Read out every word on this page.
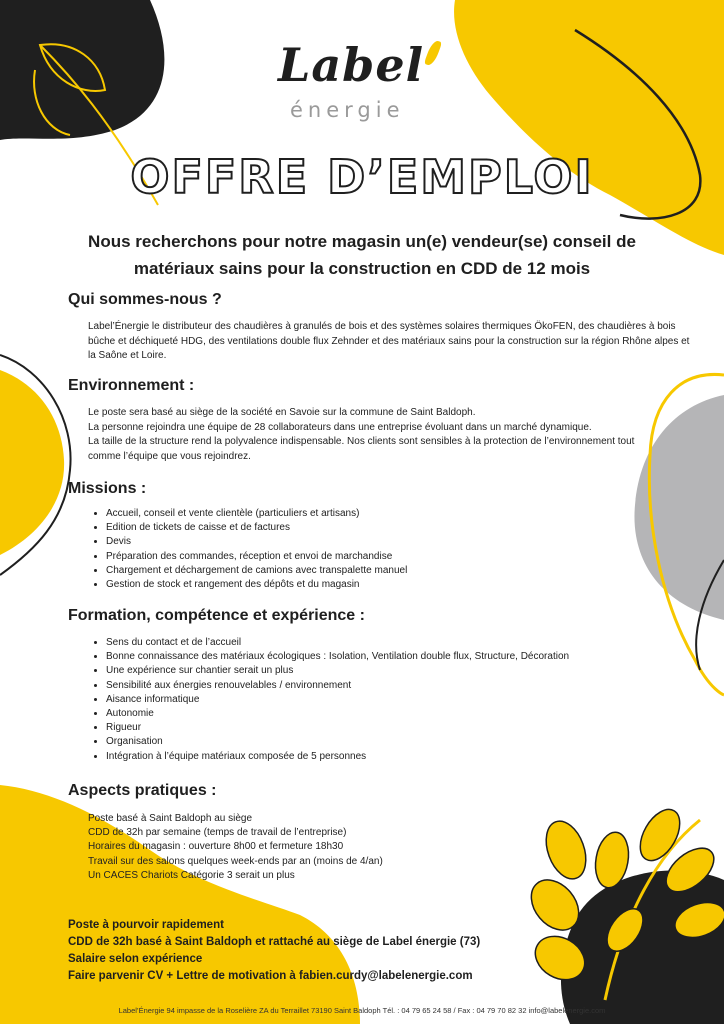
Label
énergie
OFFRE D’EMPLOI
Nous recherchons pour notre magasin un(e) vendeur(se) conseil de
matériaux sains pour la construction en CDD de 12 mois
Qui sommes-nous ?

Label’Énergie le distributeur des chaudières à granulés de bois et des systèmes solaires thermiques ÖkoFEN, des chaudières à bois bûche et déchiqueté HDG, des ventilations double flux Zehnder et des matériaux sains pour la construction sur la région Rhône alpes et la Saône et Loire.

Environnement :

Le poste sera basé au siège de la société en Savoie sur la commune de Saint Baldoph.

La personne rejoindra une équipe de 28 collaborateurs dans une entreprise évoluant dans un marché dynamique.

La taille de la structure rend la polyvalence indispensable. Nos clients sont sensibles à la protection de l’environnement tout comme l’équipe que vous rejoindrez.

Missions :
• Accueil, conseil et vente clientèle (particuliers et artisans)
• Edition de tickets de caisse et de factures
• Devis
• Préparation des commandes, réception et envoi de marchandise
• Chargement et déchargement de camions avec transpalette manuel
• Gestion de stock et rangement des dépôts et du magasin
Formation, compétence et expérience :
• Sens du contact et de l’accueil
• Bonne connaissance des matériaux écologiques : Isolation, Ventilation double flux, Structure, Décoration
• Une expérience sur chantier serait un plus
• Sensibilité aux énergies renouvelables / environnement
• Aisance informatique
• Autonomie
• Rigueur
• Organisation
• Intégration à l’équipe matériaux composée de 5 personnes
Aspects pratiques :
Poste basé à Saint Baldoph au siège
CDD de 32h par semaine (temps de travail de l’entreprise)
Horaires du magasin : ouverture 8h00 et fermeture 18h30
Travail sur des salons quelques week-ends par an (moins de 4/an)
Un CACES Chariots Catégorie 3 serait un plus
Poste à pourvoir rapidement
CDD de 32h basé à Saint Baldoph et rattaché au siège de Label énergie (73)
Salaire selon expérience
Faire parvenir CV + Lettre de motivation à fabien.curdy@labelenergie.com
Label’Énergie 94 impasse de la Roselière ZA du Terraillet 73190 Saint Baldoph Tél. : 04 79 65 24 58 / Fax : 04 79 70 82 32 info@labelenergie.com
